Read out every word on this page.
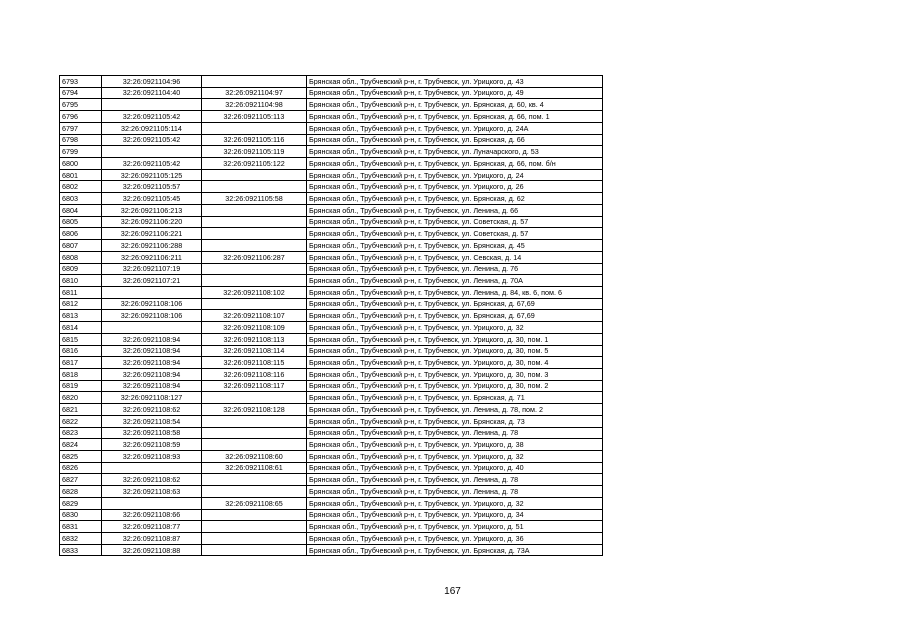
6793	32:26:0921104:96		Брянская обл., Трубчевский р-н, г. Трубчевск, ул. Урицкого, д. 43
6794	32:26:0921104:40	32:26:0921104:97	Брянская обл., Трубчевский р-н, г. Трубчевск, ул. Урицкого, д. 49
6795		32:26:0921104:98	Брянская обл., Трубчевский р-н, г. Трубчевск, ул. Брянская, д. 60, кв. 4
6796	32:26:0921105:42	32:26:0921105:113	Брянская обл., Трубчевский р-н, г. Трубчевск, ул. Брянская, д. 66, пом. 1
6797	32:26:0921105:114		Брянская обл., Трубчевский р-н, г. Трубчевск, ул. Урицкого, д. 24А
6798	32:26:0921105:42	32:26:0921105:116	Брянская обл., Трубчевский р-н, г. Трубчевск, ул. Брянская, д. 66
6799		32:26:0921105:119	Брянская обл., Трубчевский р-н, г. Трубчевск, ул. Луначарского, д. 53
6800	32:26:0921105:42	32:26:0921105:122	Брянская обл., Трубчевский р-н, г. Трубчевск, ул. Брянская, д. 66, пом. б/н
6801	32:26:0921105:125		Брянская обл., Трубчевский р-н, г. Трубчевск, ул. Урицкого, д. 24
6802	32:26:0921105:57		Брянская обл., Трубчевский р-н, г. Трубчевск, ул. Урицкого, д. 26
6803	32:26:0921105:45	32:26:0921105:58	Брянская обл., Трубчевский р-н, г. Трубчевск, ул. Брянская, д. 62
6804	32:26:0921106:213		Брянская обл., Трубчевский р-н, г. Трубчевск, ул. Ленина, д. 66
6805	32:26:0921106:220		Брянская обл., Трубчевский р-н, г. Трубчевск, ул. Советская, д. 57
6806	32:26:0921106:221		Брянская обл., Трубчевский р-н, г. Трубчевск, ул. Советская, д. 57
6807	32:26:0921106:288		Брянская обл., Трубчевский р-н, г. Трубчевск, ул. Брянская, д. 45
6808	32:26:0921106:211	32:26:0921106:287	Брянская обл., Трубчевский р-н, г. Трубчевск, ул. Севская, д. 14
6809	32:26:0921107:19		Брянская обл., Трубчевский р-н, г. Трубчевск, ул. Ленина, д. 76
6810	32:26:0921107:21		Брянская обл., Трубчевский р-н, г. Трубчевск, ул. Ленина, д. 70А
6811		32:26:0921108:102	Брянская обл., Трубчевский р-н, г. Трубчевск, ул. Ленина, д. 84, кв. 6, пом. 6
6812	32:26:0921108:106		Брянская обл., Трубчевский р-н, г. Трубчевск, ул. Брянская, д. 67,69
6813	32:26:0921108:106	32:26:0921108:107	Брянская обл., Трубчевский р-н, г. Трубчевск, ул. Брянская, д. 67,69
6814		32:26:0921108:109	Брянская обл., Трубчевский р-н, г. Трубчевск, ул. Урицкого, д. 32
6815	32:26:0921108:94	32:26:0921108:113	Брянская обл., Трубчевский р-н, г. Трубчевск, ул. Урицкого, д. 30, пом. 1
6816	32:26:0921108:94	32:26:0921108:114	Брянская обл., Трубчевский р-н, г. Трубчевск, ул. Урицкого, д. 30, пом. 5
6817	32:26:0921108:94	32:26:0921108:115	Брянская обл., Трубчевский р-н, г. Трубчевск, ул. Урицкого, д. 30, пом. 4
6818	32:26:0921108:94	32:26:0921108:116	Брянская обл., Трубчевский р-н, г. Трубчевск, ул. Урицкого, д. 30, пом. 3
6819	32:26:0921108:94	32:26:0921108:117	Брянская обл., Трубчевский р-н, г. Трубчевск, ул. Урицкого, д. 30, пом. 2
6820	32:26:0921108:127		Брянская обл., Трубчевский р-н, г. Трубчевск, ул. Брянская, д. 71
6821	32:26:0921108:62	32:26:0921108:128	Брянская обл., Трубчевский р-н, г. Трубчевск, ул. Ленина, д. 78, пом. 2
6822	32:26:0921108:54		Брянская обл., Трубчевский р-н, г. Трубчевск, ул. Брянская, д. 73
6823	32:26:0921108:58		Брянская обл., Трубчевский р-н, г. Трубчевск, ул. Ленина, д. 78
6824	32:26:0921108:59		Брянская обл., Трубчевский р-н, г. Трубчевск, ул. Урицкого, д. 38
6825	32:26:0921108:93	32:26:0921108:60	Брянская обл., Трубчевский р-н, г. Трубчевск, ул. Урицкого, д. 32
6826		32:26:0921108:61	Брянская обл., Трубчевский р-н, г. Трубчевск, ул. Урицкого, д. 40
6827	32:26:0921108:62		Брянская обл., Трубчевский р-н, г. Трубчевск, ул. Ленина, д. 78
6828	32:26:0921108:63		Брянская обл., Трубчевский р-н, г. Трубчевск, ул. Ленина, д. 78
6829		32:26:0921108:65	Брянская обл., Трубчевский р-н, г. Трубчевск, ул. Урицкого, д. 32
6830	32:26:0921108:66		Брянская обл., Трубчевский р-н, г. Трубчевск, ул. Урицкого, д. 34
6831	32:26:0921108:77		Брянская обл., Трубчевский р-н, г. Трубчевск, ул. Урицкого, д. 51
6832	32:26:0921108:87		Брянская обл., Трубчевский р-н, г. Трубчевск, ул. Урицкого, д. 36
6833	32:26:0921108:88		Брянская обл., Трубчевский р-н, г. Трубчевск, ул. Брянская, д. 73А
167
